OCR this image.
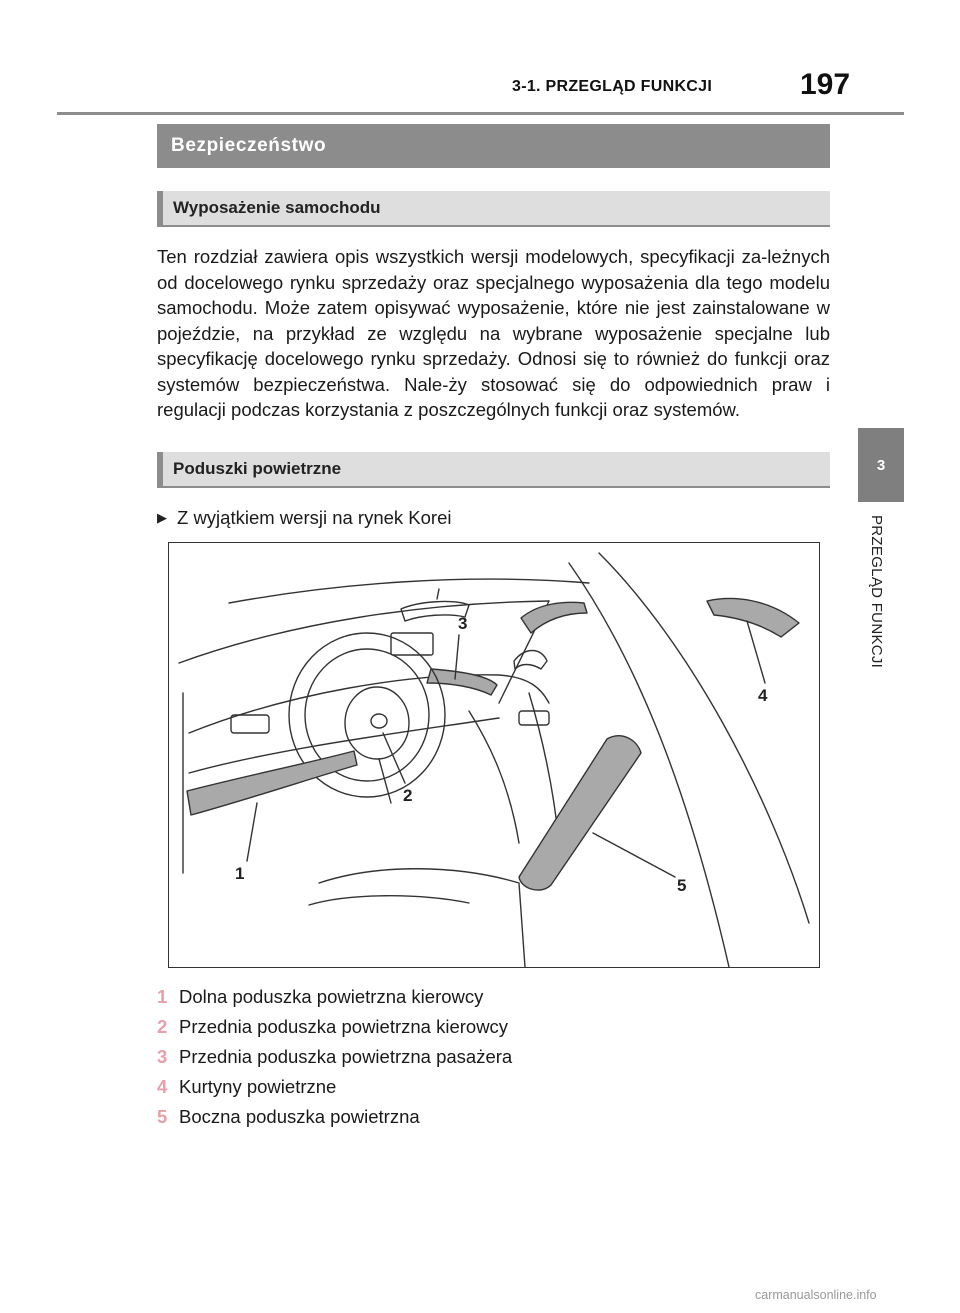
3-1. PRZEGLĄD FUNKCJI	197
3
PRZEGLĄD FUNKCJI
Bezpieczeństwo
Wyposażenie samochodu

Ten rozdział zawiera opis wszystkich wersji modelowych, specyfikacji za-leżnych od docelowego rynku sprzedaży oraz specjalnego wyposażenia dla tego modelu samochodu. Może zatem opisywać wyposażenie, które nie jest zainstalowane w pojeździe, na przykład ze względu na wybrane wyposażenie specjalne lub specyfikację docelowego rynku sprzedaży. Odnosi się to również do funkcji oraz systemów bezpieczeństwa. Nale-ży stosować się do odpowiednich praw i regulacji podczas korzystania z poszczególnych funkcji oraz systemów.

Poduszki powietrzne
▶ Z wyjątkiem wersji na rynek Korei
1
2
3
4
5
1 Dolna poduszka powietrzna kierowcy
2 Przednia poduszka powietrzna kierowcy
3 Przednia poduszka powietrzna pasażera
4 Kurtyny powietrzne
5 Boczna poduszka powietrzna
carmanualsonline.info
